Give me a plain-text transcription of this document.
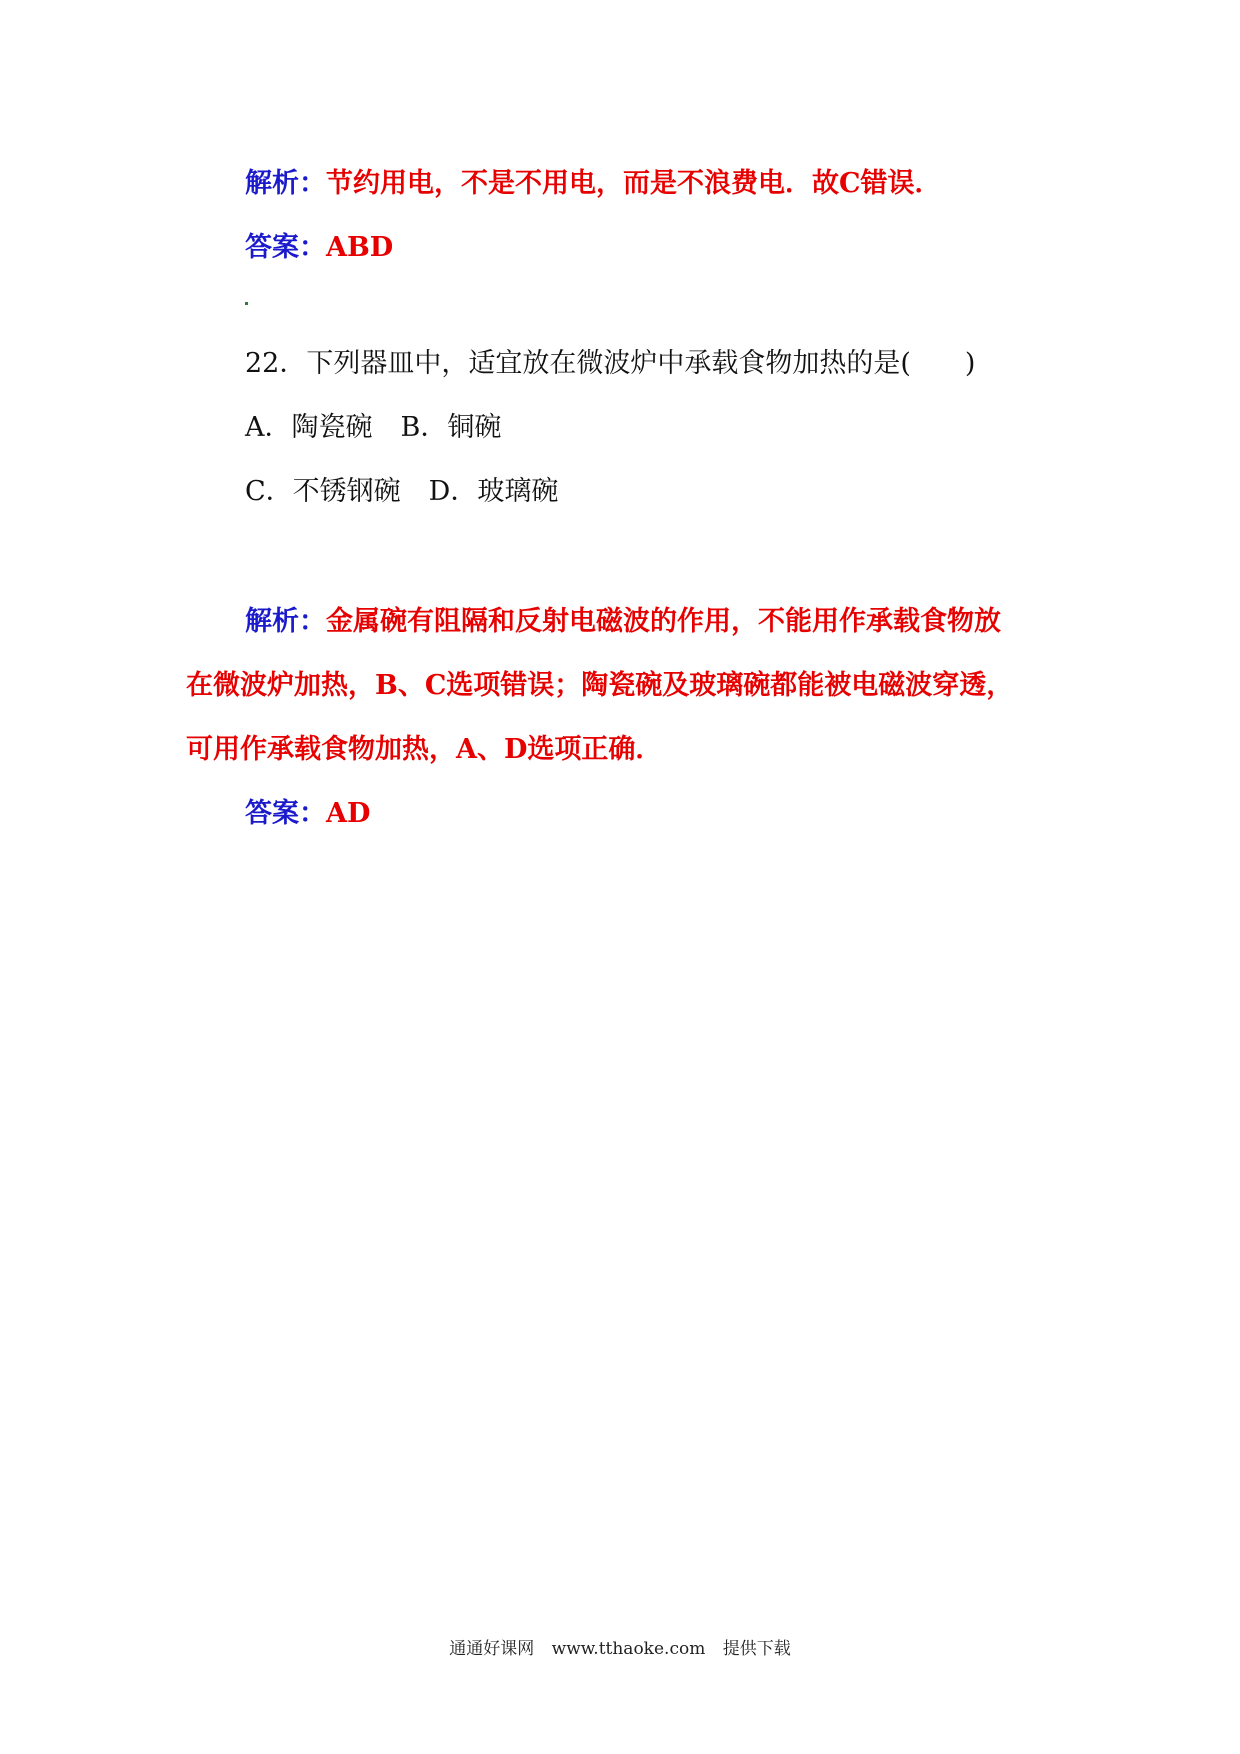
解析：节约用电，不是不用电，而是不浪费电．故C错误．
答案：ABD
22．下列器皿中，适宜放在微波炉中承载食物加热的是(　　)
A．陶瓷碗 B．铜碗
C．不锈钢碗 D．玻璃碗
解析：金属碗有阻隔和反射电磁波的作用，不能用作承载食物放
在微波炉加热，B、C选项错误；陶瓷碗及玻璃碗都能被电磁波穿透，
可用作承载食物加热，A、D选项正确．
答案：AD
通通好课网 www.tthaoke.com 提供下载
